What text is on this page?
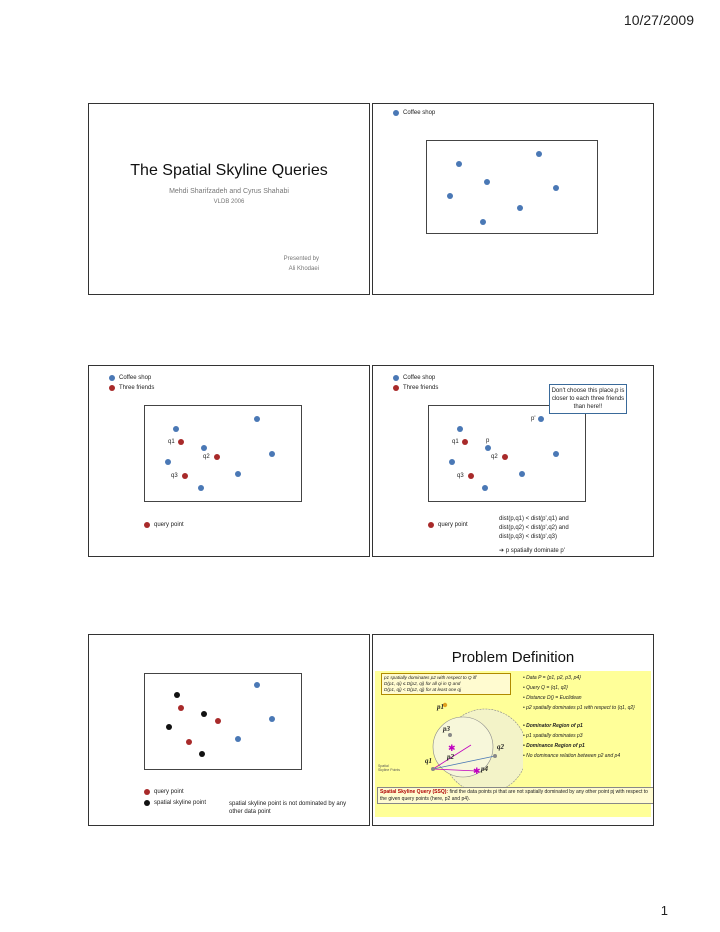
10/27/2009
The Spatial Skyline Queries
Mehdi Sharifzadeh and Cyrus Shahabi
VLDB 2006
Presented by
Ali Khodaei
Coffee shop
Coffee shop
Three friends
q1
q2
q3
query point
Coffee shop
Three friends	Don't choose this place,p is closer to each three friends than here!!
p'
q1	p
q2
q3
query point
dist(p,q1) < dist(p',q1) and
dist(p,q2) < dist(p',q2) and
dist(p,q3) < dist(p',q3)
➔ p spatially dominate p'
query point
spatial skyline point	spatial skyline point is not dominated by any other data point
Problem Definition
p1 spatially dominates p2 with respect to Q iff
D(p1, qi) ≤ D(p2, qi) for all qi in Q and
D(p1, qj) < D(p2, qj) for at least one qj
✱
✱
p1
p3
p2
p4
q1
q2
Spatial Skyline Points
• Data P = {p1, p2, p3, p4}
• Query Q = {q1, q2}
• Distance D() = Euclidean
• p2 spatially dominates p1 with respect to {q1, q2}
• Dominator Region of p1
• p1 spatially dominates p3
• Dominance Region of p1
• No dominance relation between p2 and p4
Spatial Skyline Query (SSQ): find the data points pi that are not spatially dominated by any other point pj with respect to the given query points (here, p2 and p4).
1
